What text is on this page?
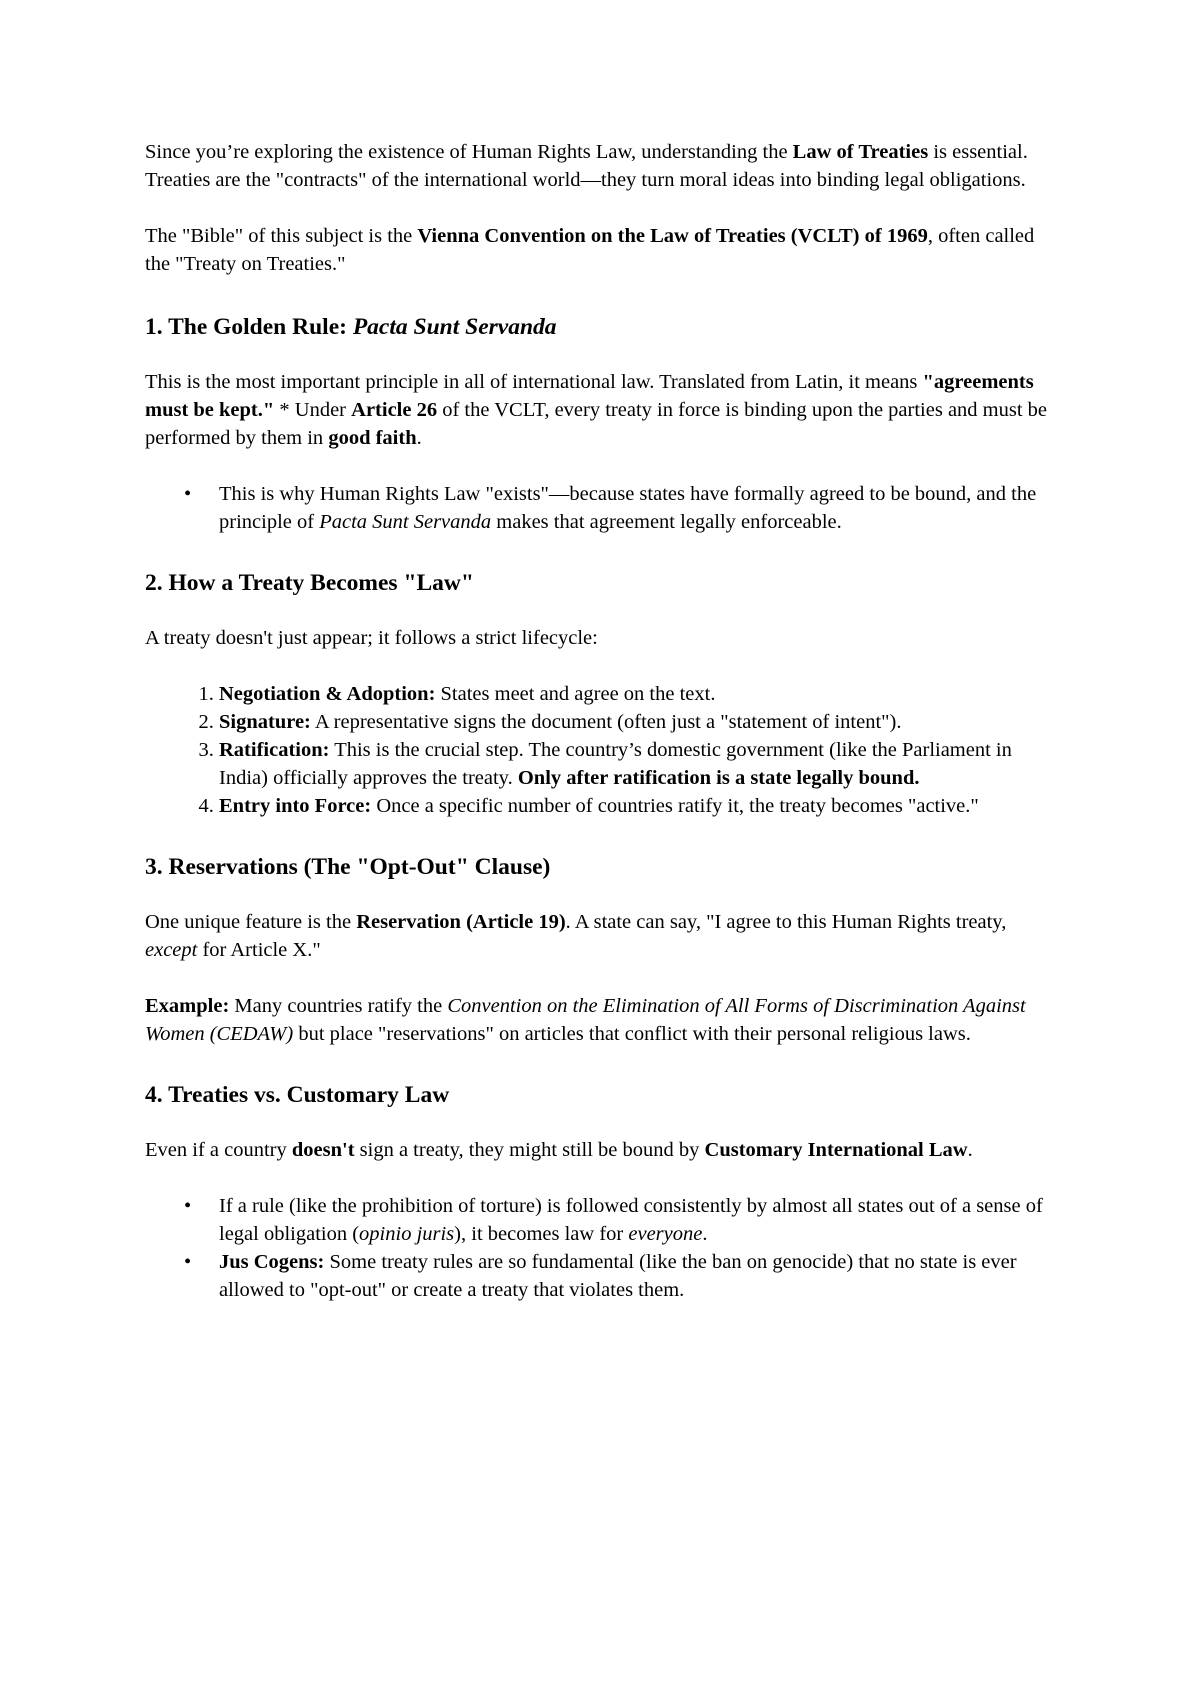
Since you’re exploring the existence of Human Rights Law, understanding the Law of Treaties is essential. Treaties are the "contracts" of the international world—they turn moral ideas into binding legal obligations.

The "Bible" of this subject is the Vienna Convention on the Law of Treaties (VCLT) of 1969, often called the "Treaty on Treaties."

1. The Golden Rule: Pacta Sunt Servanda

This is the most important principle in all of international law. Translated from Latin, it means "agreements must be kept." * Under Article 26 of the VCLT, every treaty in force is binding upon the parties and must be performed by them in good faith.

• This is why Human Rights Law "exists"—because states have formally agreed to be bound, and the principle of Pacta Sunt Servanda makes that agreement legally enforceable.
2. How a Treaty Becomes "Law"

A treaty doesn't just appear; it follows a strict lifecycle:

1. Negotiation & Adoption: States meet and agree on the text.
2. Signature: A representative signs the document (often just a "statement of intent").
3. Ratification: This is the crucial step. The country’s domestic government (like the Parliament in India) officially approves the treaty. Only after ratification is a state legally bound.
4. Entry into Force: Once a specific number of countries ratify it, the treaty becomes "active."
3. Reservations (The "Opt-Out" Clause)

One unique feature is the Reservation (Article 19). A state can say, "I agree to this Human Rights treaty, except for Article X."

Example: Many countries ratify the Convention on the Elimination of All Forms of Discrimination Against Women (CEDAW) but place "reservations" on articles that conflict with their personal religious laws.

4. Treaties vs. Customary Law

Even if a country doesn't sign a treaty, they might still be bound by Customary International Law.

• If a rule (like the prohibition of torture) is followed consistently by almost all states out of a sense of legal obligation (opinio juris), it becomes law for everyone.
• Jus Cogens: Some treaty rules are so fundamental (like the ban on genocide) that no state is ever allowed to "opt-out" or create a treaty that violates them.
